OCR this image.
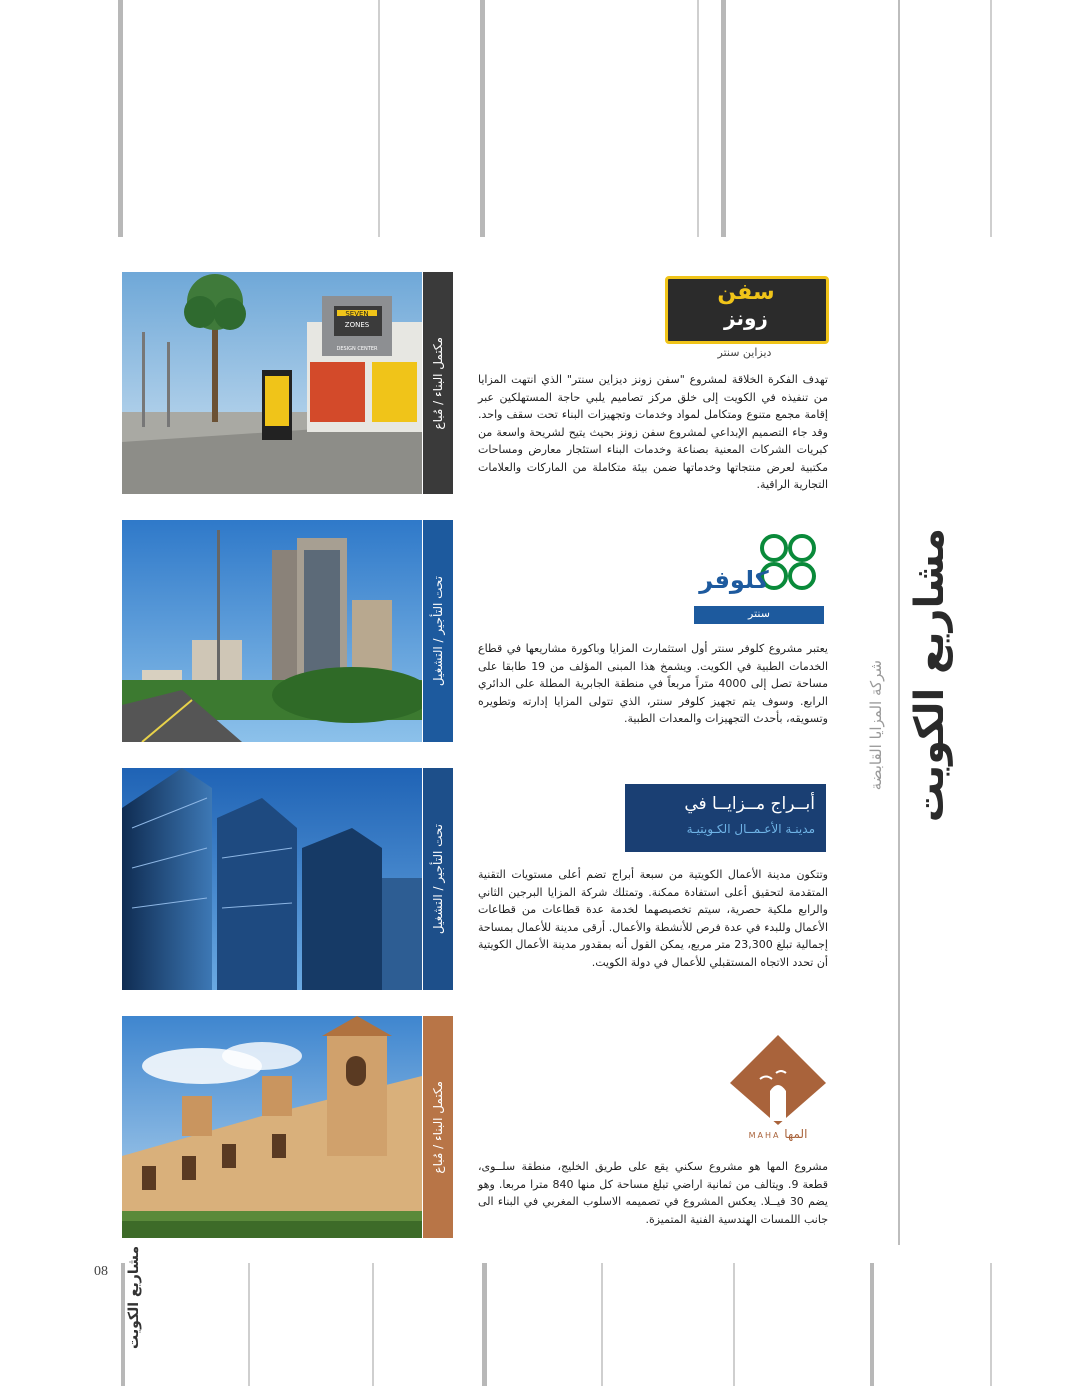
مشاريع الكويت
شركة المزايا القابضة
SEVEN
ZONES
DESIGN CENTER	مكتمل البناء / مُباع
سفن
زونز
ديزاين سنتر
تهدف الفكرة الخلاقة لمشروع "سفن زونز ديزاين سنتر" الذي انتهت المزايا من تنفيذه في الكويت إلى خلق مركز تصاميم يلبي حاجة المستهلكين عبر إقامة مجمع متنوع ومتكامل لمواد وخدمات وتجهيزات البناء تحت سقف واحد. وقد جاء التصميم الإبداعي لمشروع سفن زونز بحيث يتيح لشريحة واسعة من كبريات الشركات المعنية بصناعة وخدمات البناء استئجار معارض ومساحات مكتبية لعرض منتجاتها وخدماتها ضمن بيئة متكاملة من الماركات والعلامات التجارية الراقية.
تحت التأجير / التشغيل	كلوفر
سنتر
يعتبر مشروع كلوفر سنتر أول استثمارت المزايا وباكورة مشاريعها في قطاع الخدمات الطبية في الكويت. ويشمخ هذا المبنى المؤلف من 19 طابقا على مساحة تصل إلى 4000 متراً مربعاً في منطقة الجابرية المطلة على الدائري الرابع. وسوف يتم تجهيز كلوفر سنتر، الذي تتولى المزايا إدارته وتطويره وتسويقه، بأحدث التجهيزات والمعدات الطبية.
تحت التأجير / التشغيل
أبــراج مــزايــا في
مدينـة الأعـمــال الكـويتيـة
وتتكون مدينة الأعمال الكويتية من سبعة أبراج تضم أعلى مستويات التقنية المتقدمة لتحقيق أعلى استفادة ممكنة. وتمتلك شركة المزايا البرجين الثاني والرابع ملكية حصرية، سيتم تخصيصهما لخدمة عدة قطاعات من قطاعات الأعمال وللبدء في عدة فرص للأنشطة والأعمال. أرقى مدينة للأعمال بمساحة إجمالية تبلغ 23,300 متر مربع، يمكن القول أنه بمقدور مدينة الأعمال الكويتية أن تحدد الاتجاه المستقبلي للأعمال في دولة الكويت.
مكتمل البناء / مُباع	المها MAHA
مشروع المها هو مشروع سكني يقع على طريق الخليج، منطقة سلــوى، قطعة 9. ويتالف من ثمانية اراضي تبلغ مساحة كل منها 840 مترا مربعا. وهو يضم 30 فيــلا. يعكس المشروع في تصميمه الاسلوب المغربي في البناء الى جانب اللمسات الهندسية الفنية المتميزة.
08 مشاريع الكويت
